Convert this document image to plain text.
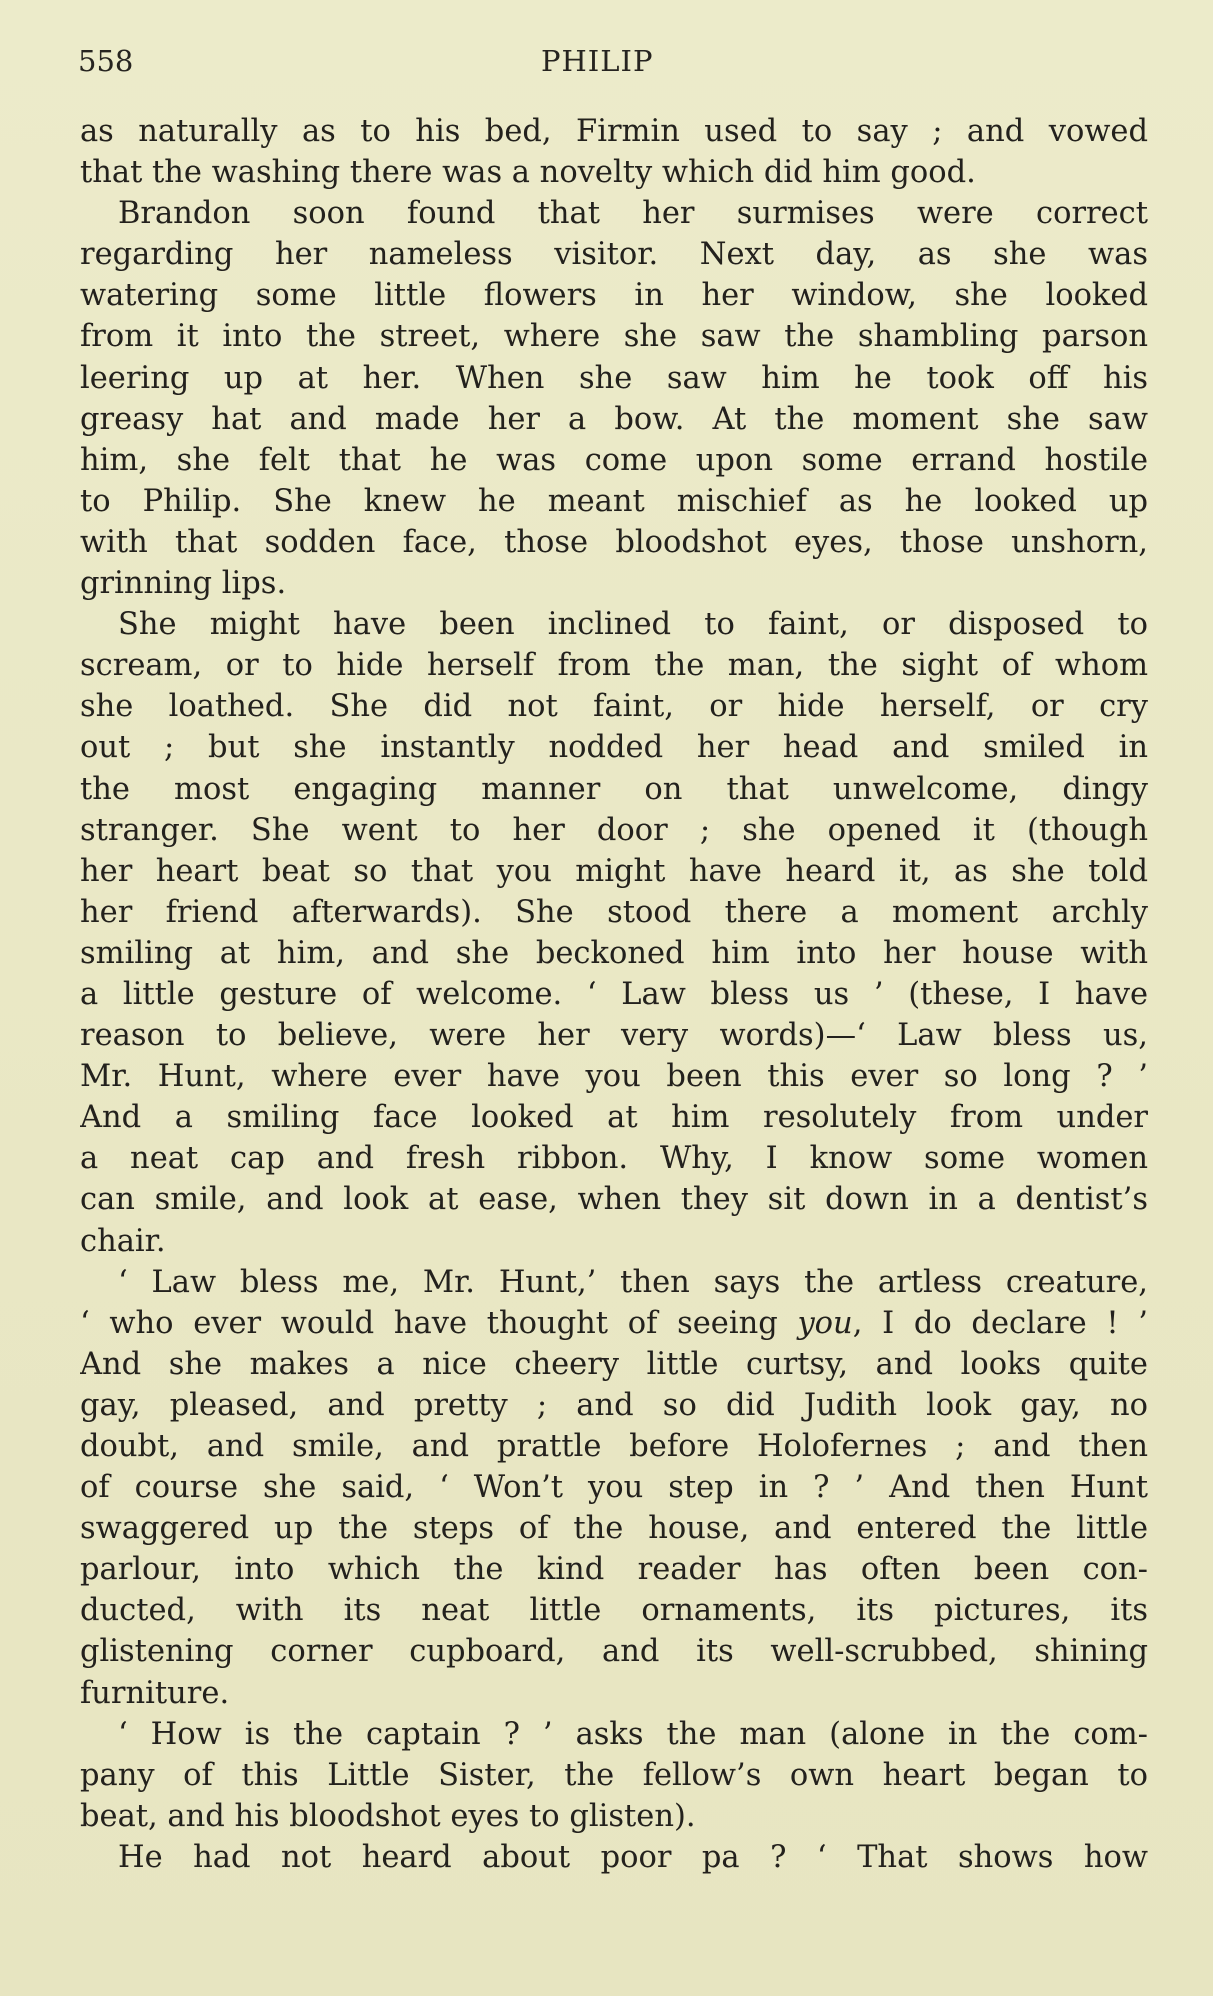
558	PHILIP
as naturally as to his bed, Firmin used to say ; and vowed
that the washing there was a novelty which did him good.
Brandon soon found that her surmises were correct
regarding her nameless visitor. Next day, as she was
watering some little flowers in her window, she looked
from it into the street, where she saw the shambling parson
leering up at her. When she saw him he took off his
greasy hat and made her a bow. At the moment she saw
him, she felt that he was come upon some errand hostile
to Philip. She knew he meant mischief as he looked up
with that sodden face, those bloodshot eyes, those unshorn,
grinning lips.
She might have been inclined to faint, or disposed to
scream, or to hide herself from the man, the sight of whom
she loathed. She did not faint, or hide herself, or cry
out ; but she instantly nodded her head and smiled in
the most engaging manner on that unwelcome, dingy
stranger. She went to her door ; she opened it (though
her heart beat so that you might have heard it, as she told
her friend afterwards). She stood there a moment archly
smiling at him, and she beckoned him into her house with
a little gesture of welcome. ‘ Law bless us ’ (these, I have
reason to believe, were her very words)—‘ Law bless us,
Mr. Hunt, where ever have you been this ever so long ? ’
And a smiling face looked at him resolutely from under
a neat cap and fresh ribbon. Why, I know some women
can smile, and look at ease, when they sit down in a dentist’s
chair.
‘ Law bless me, Mr. Hunt,’ then says the artless creature,
‘ who ever would have thought of seeing you, I do declare ! ’
And she makes a nice cheery little curtsy, and looks quite
gay, pleased, and pretty ; and so did Judith look gay, no
doubt, and smile, and prattle before Holofernes ; and then
of course she said, ‘ Won’t you step in ? ’ And then Hunt
swaggered up the steps of the house, and entered the little
parlour, into which the kind reader has often been con-
ducted, with its neat little ornaments, its pictures, its
glistening corner cupboard, and its well-scrubbed, shining
furniture.
‘ How is the captain ? ’ asks the man (alone in the com-
pany of this Little Sister, the fellow’s own heart began to
beat, and his bloodshot eyes to glisten).
He had not heard about poor pa ? ‘ That shows how
